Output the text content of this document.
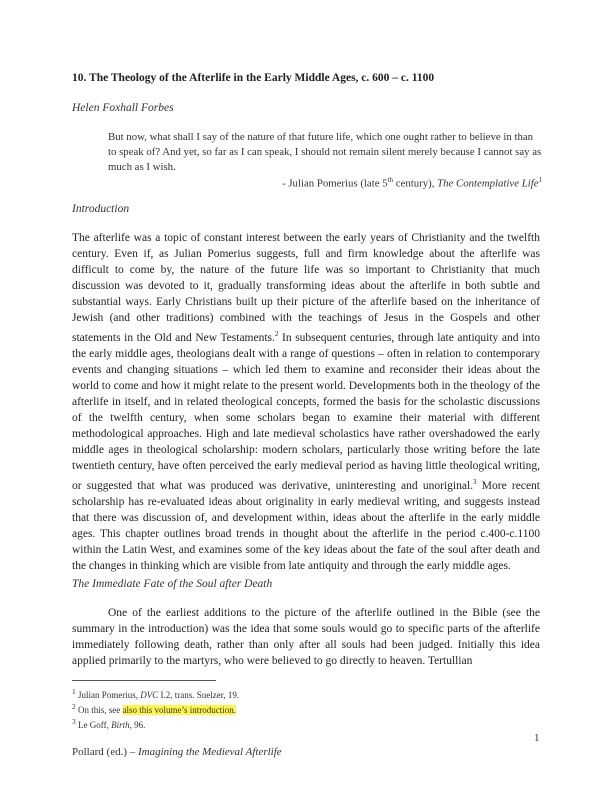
10. The Theology of the Afterlife in the Early Middle Ages, c. 600 – c. 1100
Helen Foxhall Forbes
But now, what shall I say of the nature of that future life, which one ought rather to believe in than to speak of? And yet, so far as I can speak, I should not remain silent merely because I cannot say as much as I wish.
- Julian Pomerius (late 5th century), The Contemplative Life$^1$
Introduction

The afterlife was a topic of constant interest between the early years of Christianity and the twelfth century. Even if, as Julian Pomerius suggests, full and firm knowledge about the afterlife was difficult to come by, the nature of the future life was so important to Christianity that much discussion was devoted to it, gradually transforming ideas about the afterlife in both subtle and substantial ways. Early Christians built up their picture of the afterlife based on the inheritance of Jewish (and other traditions) combined with the teachings of Jesus in the Gospels and other statements in the Old and New Testaments.$^2$ In subsequent centuries, through late antiquity and into the early middle ages, theologians dealt with a range of questions – often in relation to contemporary events and changing situations – which led them to examine and reconsider their ideas about the world to come and how it might relate to the present world. Developments both in the theology of the afterlife in itself, and in related theological concepts, formed the basis for the scholastic discussions of the twelfth century, when some scholars began to examine their material with different methodological approaches. High and late medieval scholastics have rather overshadowed the early middle ages in theological scholarship: modern scholars, particularly those writing before the late twentieth century, have often perceived the early medieval period as having little theological writing, or suggested that what was produced was derivative, uninteresting and unoriginal.$^3$ More recent scholarship has re-evaluated ideas about originality in early medieval writing, and suggests instead that there was discussion of, and development within, ideas about the afterlife in the early middle ages. This chapter outlines broad trends in thought about the afterlife in the period c.400-c.1100 within the Latin West, and examines some of the key ideas about the fate of the soul after death and the changes in thinking which are visible from late antiquity and through the early middle ages.

The Immediate Fate of the Soul after Death

One of the earliest additions to the picture of the afterlife outlined in the Bible (see the summary in the introduction) was the idea that some souls would go to specific parts of the afterlife immediately following death, rather than only after all souls had been judged. Initially this idea applied primarily to the martyrs, who were believed to go directly to heaven. Tertullian

$^1$ Julian Pomerius, DVC I.2, trans. Suelzer, 19.
$^2$ On this, see also this volume’s introduction.
$^3$ Le Goff, Birth, 96.
1
Pollard (ed.) – Imagining the Medieval Afterlife
